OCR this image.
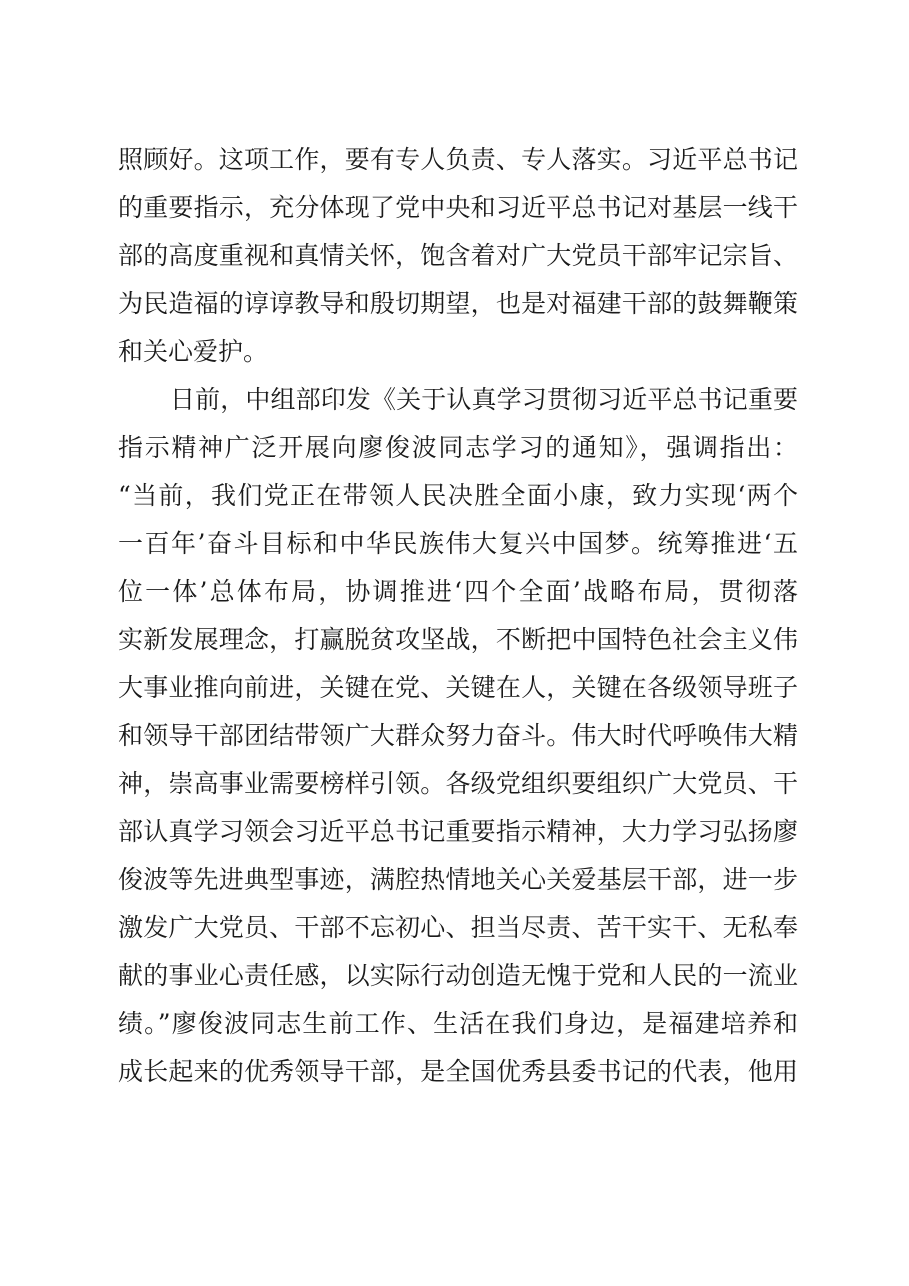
照顾好。这项工作，要有专人负责、专人落实。习近平总书记
的重要指示，充分体现了党中央和习近平总书记对基层一线干
部的高度重视和真情关怀，饱含着对广大党员干部牢记宗旨、
为民造福的谆谆教导和殷切期望，也是对福建干部的鼓舞鞭策
和关心爱护。
日前，中组部印发《关于认真学习贯彻习近平总书记重要
指示精神广泛开展向廖俊波同志学习的通知》，强调指出：
“当前，我们党正在带领人民决胜全面小康，致力实现‘两个
一百年’奋斗目标和中华民族伟大复兴中国梦。统筹推进‘五
位一体’总体布局，协调推进‘四个全面’战略布局，贯彻落
实新发展理念，打赢脱贫攻坚战，不断把中国特色社会主义伟
大事业推向前进，关键在党、关键在人，关键在各级领导班子
和领导干部团结带领广大群众努力奋斗。伟大时代呼唤伟大精
神，崇高事业需要榜样引领。各级党组织要组织广大党员、干
部认真学习领会习近平总书记重要指示精神，大力学习弘扬廖
俊波等先进典型事迹，满腔热情地关心关爱基层干部，进一步
激发广大党员、干部不忘初心、担当尽责、苦干实干、无私奉
献的事业心责任感，以实际行动创造无愧于党和人民的一流业
绩。”廖俊波同志生前工作、生活在我们身边，是福建培养和
成长起来的优秀领导干部，是全国优秀县委书记的代表，他用
